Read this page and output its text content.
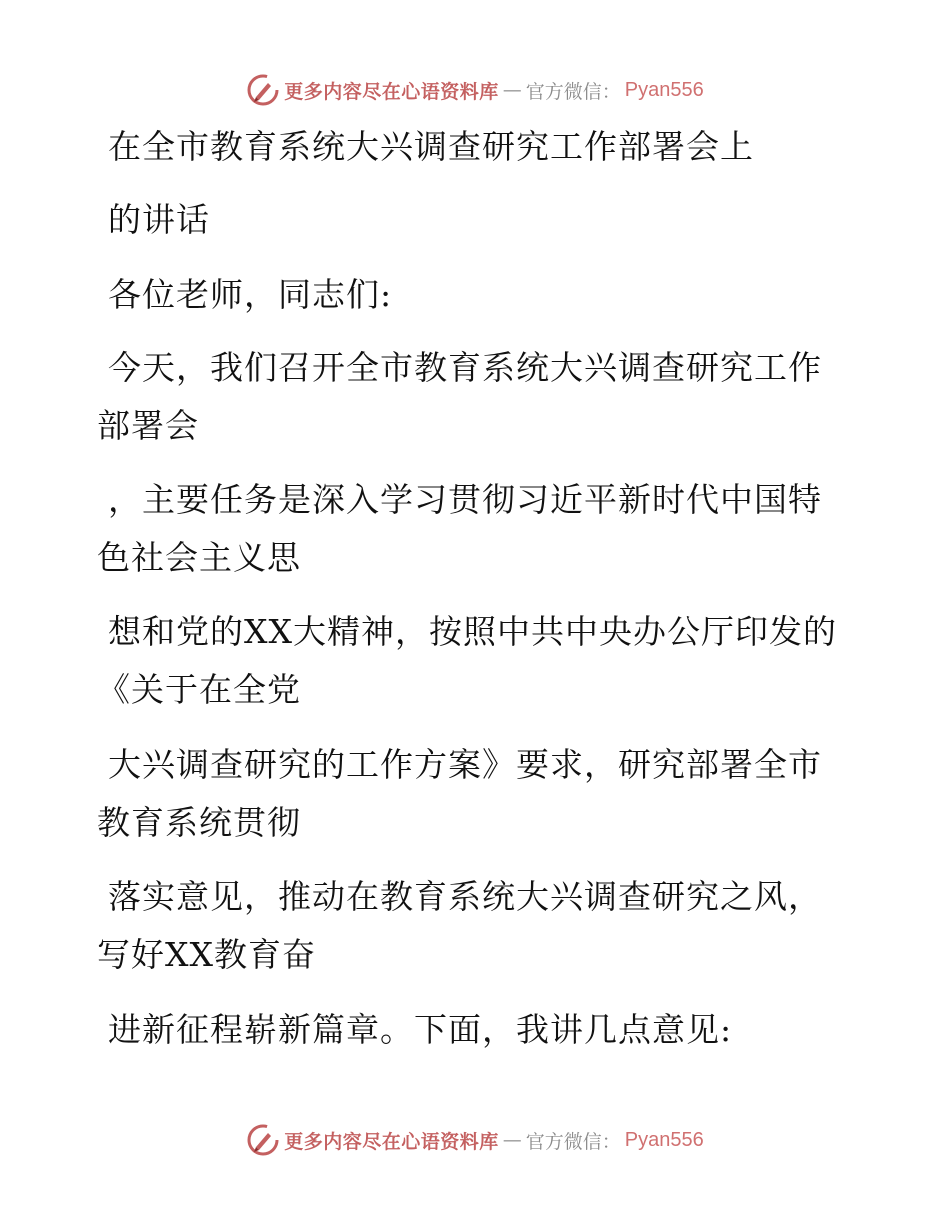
更多内容尽在心语资料库 — 官方微信： Pyan556
在全市教育系统大兴调查研究工作部署会上
的讲话
各位老师，同志们:
今天，我们召开全市教育系统大兴调查研究工作
部署会
，主要任务是深入学习贯彻习近平新时代中国特
色社会主义思
想和党的XX大精神，按照中共中央办公厅印发的
《关于在全党
大兴调查研究的工作方案》要求，研究部署全市
教育系统贯彻
落实意见，推动在教育系统大兴调查研究之风，
写好XX教育奋
进新征程崭新篇章。下面，我讲几点意见:
更多内容尽在心语资料库 — 官方微信： Pyan556
